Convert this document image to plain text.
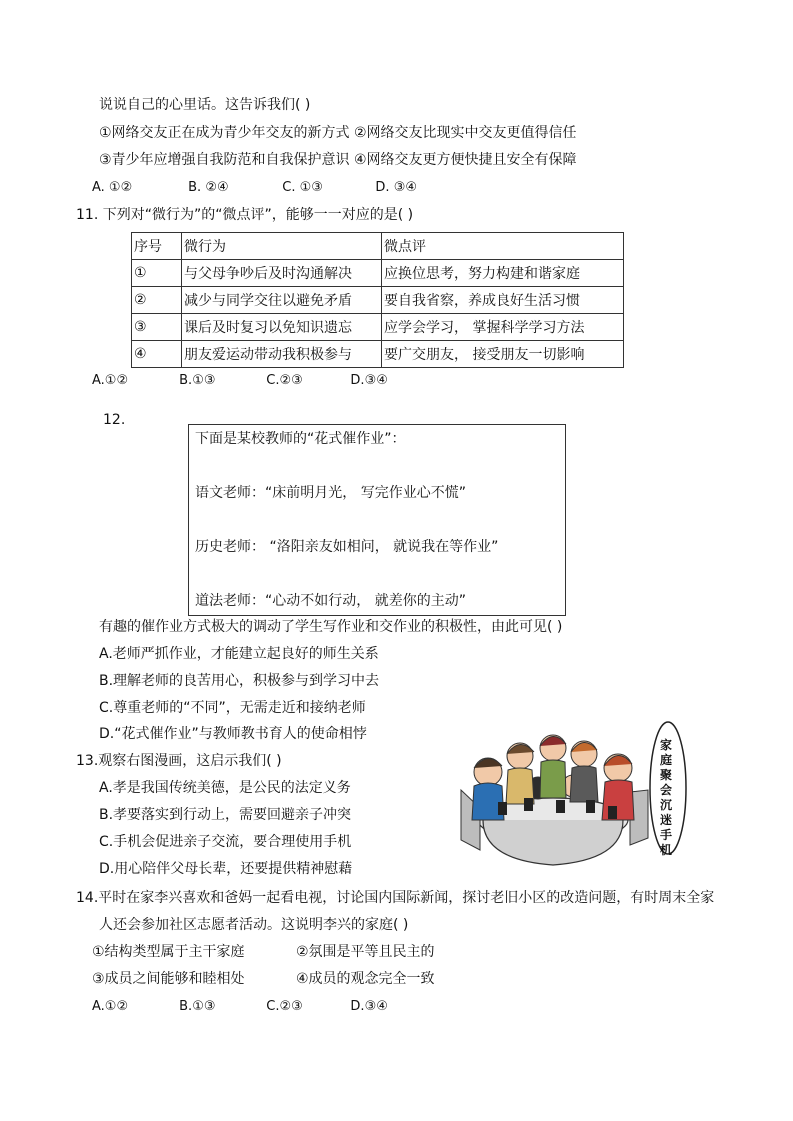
说说自己的心里话。这告诉我们( )
①网络交友正在成为青少年交友的新方式 ②网络交友比现实中交友更值得信任
③青少年应增强自我防范和自我保护意识 ④网络交友更方便快捷且安全有保障
A. ①②	B. ②④	C. ①③	D. ③④
11. 下列对“微行为”的“微点评”，能够一一对应的是( )
序号	微行为	微点评
①	与父母争吵后及时沟通解决	应换位思考，努力构建和谐家庭
②	减少与同学交往以避免矛盾	要自我省察，养成良好生活习惯
③	课后及时复习以免知识遗忘	应学会学习， 掌握科学学习方法
④	朋友爱运动带动我积极参与	要广交朋友， 接受朋友一切影响
A.①②	B.①③	C.②③	D.③④
12.
下面是某校教师的“花式催作业”：
语文老师：“床前明月光， 写完作业心不慌”
历史老师： “洛阳亲友如相问， 就说我在等作业”
道法老师：“心动不如行动， 就差你的主动”
有趣的催作业方式极大的调动了学生写作业和交作业的积极性，由此可见( )
A.老师严抓作业，才能建立起良好的师生关系
B.理解老师的良苦用心，积极参与到学习中去
C.尊重老师的“不同”，无需走近和接纳老师
D.“花式催作业”与教师教书育人的使命相悖
13.观察右图漫画，这启示我们( )
A.孝是我国传统美德，是公民的法定义务
B.孝要落实到行动上，需要回避亲子冲突
C.手机会促进亲子交流，要合理使用手机
D.用心陪伴父母长辈，还要提供精神慰藉
家庭聚会沉迷手机
14.平时在家李兴喜欢和爸妈一起看电视，讨论国内国际新闻，探讨老旧小区的改造问题，有时周末全家
人还会参加社区志愿者活动。这说明李兴的家庭( )
①结构类型属于主干家庭	②氛围是平等且民主的
③成员之间能够和睦相处	④成员的观念完全一致
A.①②	B.①③	C.②③	D.③④
